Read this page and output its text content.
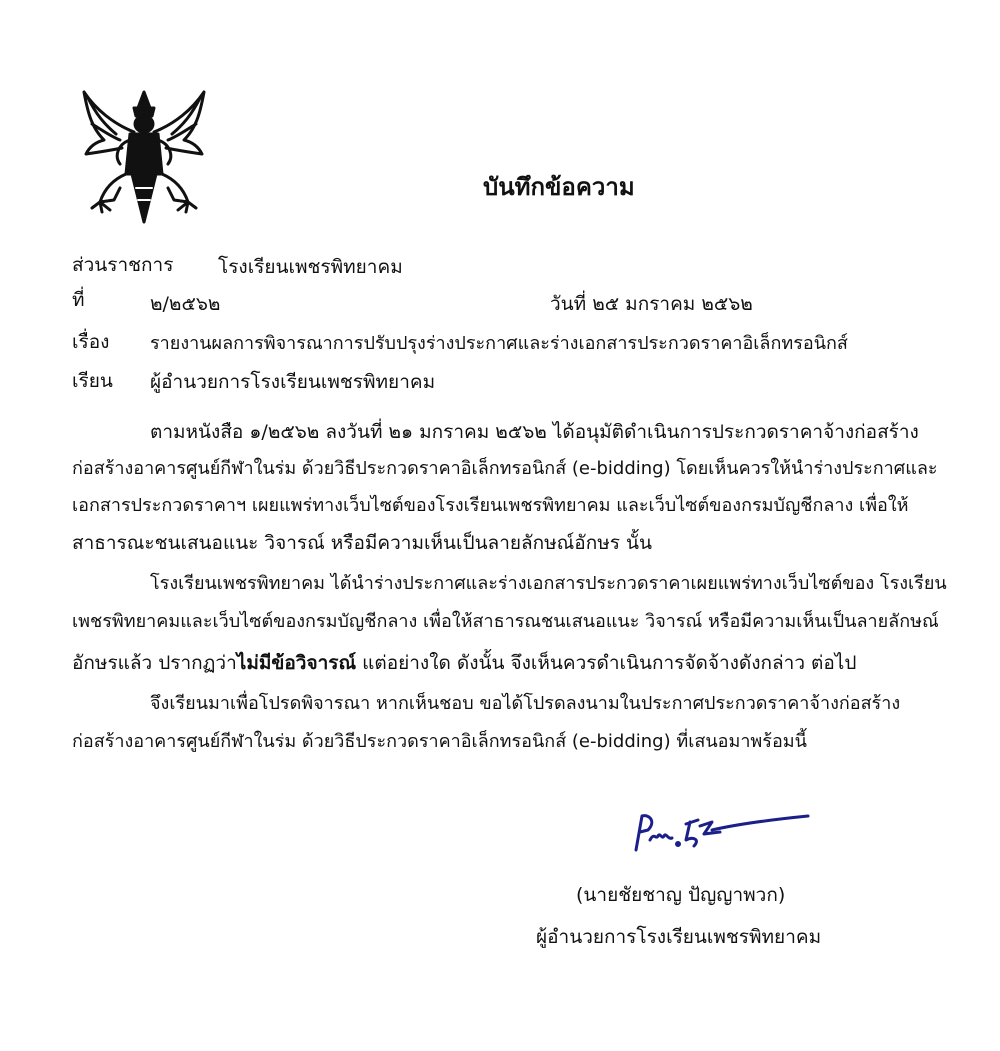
บันทึกข้อความ
ส่วนราชการ โรงเรียนเพชรพิทยาคม
ที่	๒/๒๕๖๒	วันที่ ๒๕ มกราคม ๒๕๖๒
เรื่อง รายงานผลการพิจารณาการปรับปรุงร่างประกาศและร่างเอกสารประกวดราคาอิเล็กทรอนิกส์
เรียน ผู้อำนวยการโรงเรียนเพชรพิทยาคม
ตามหนังสือ ๑/๒๕๖๒ ลงวันที่ ๒๑ มกราคม ๒๕๖๒ ได้อนุมัติดำเนินการประกวดราคาจ้างก่อสร้าง
ก่อสร้างอาคารศูนย์กีฬาในร่ม ด้วยวิธีประกวดราคาอิเล็กทรอนิกส์ (e-bidding) โดยเห็นควรให้นำร่างประกาศและ
เอกสารประกวดราคาฯ เผยแพร่ทางเว็บไซต์ของโรงเรียนเพชรพิทยาคม และเว็บไซต์ของกรมบัญชีกลาง เพื่อให้
สาธารณะชนเสนอแนะ วิจารณ์ หรือมีความเห็นเป็นลายลักษณ์อักษร นั้น
โรงเรียนเพชรพิทยาคม ได้นำร่างประกาศและร่างเอกสารประกวดราคาเผยแพร่ทางเว็บไซต์ของ โรงเรียน
เพชรพิทยาคมและเว็บไซต์ของกรมบัญชีกลาง เพื่อให้สาธารณชนเสนอแนะ วิจารณ์ หรือมีความเห็นเป็นลายลักษณ์
อักษรแล้ว ปรากฏว่าไม่มีข้อวิจารณ์ แต่อย่างใด ดังนั้น จึงเห็นควรดำเนินการจัดจ้างดังกล่าว ต่อไป
จึงเรียนมาเพื่อโปรดพิจารณา หากเห็นชอบ ขอได้โปรดลงนามในประกาศประกวดราคาจ้างก่อสร้าง
ก่อสร้างอาคารศูนย์กีฬาในร่ม ด้วยวิธีประกวดราคาอิเล็กทรอนิกส์ (e-bidding) ที่เสนอมาพร้อมนี้
(นายชัยชาญ ปัญญาพวก)
ผู้อำนวยการโรงเรียนเพชรพิทยาคม
